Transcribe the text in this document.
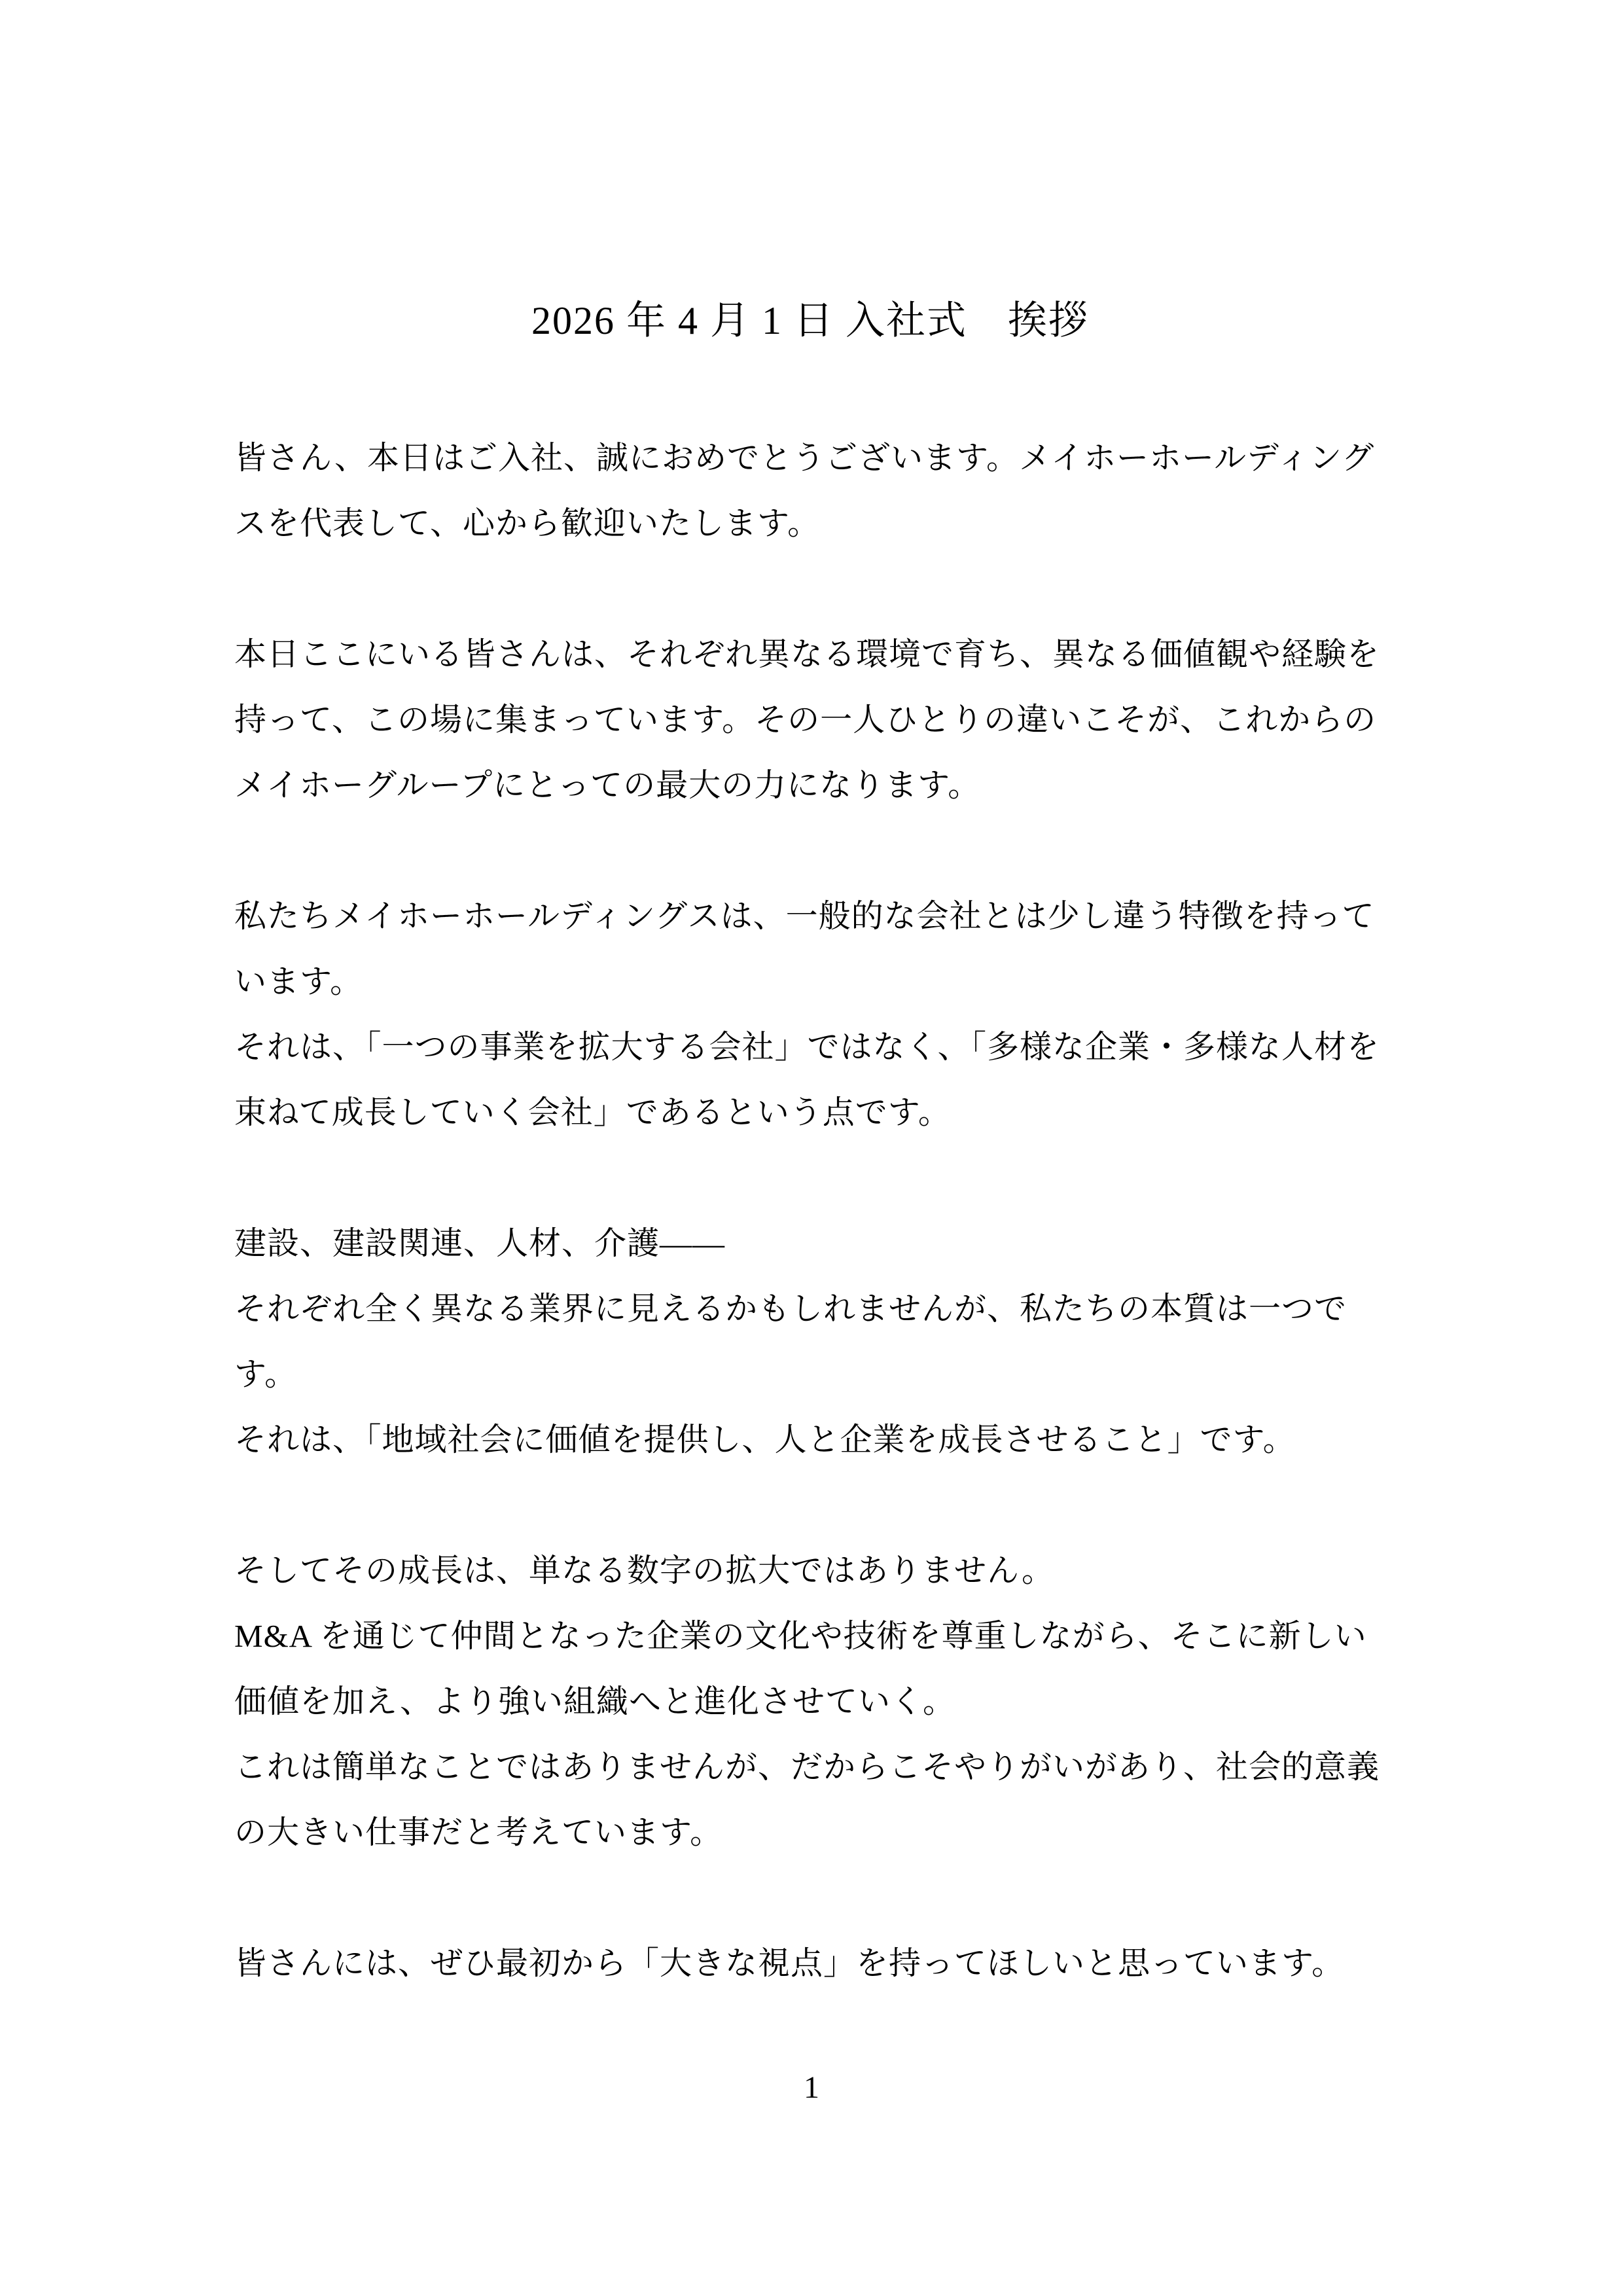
2026 年 4 月 1 日 入社式　挨拶
皆さん、本日はご入社、誠におめでとうございます。メイホーホールディング
スを代表して、心から歓迎いたします。
本日ここにいる皆さんは、それぞれ異なる環境で育ち、異なる価値観や経験を
持って、この場に集まっています。その一人ひとりの違いこそが、これからの
メイホーグループにとっての最大の力になります。
私たちメイホーホールディングスは、一般的な会社とは少し違う特徴を持って
います。
それは、「一つの事業を拡大する会社」ではなく、「多様な企業・多様な人材を
束ねて成長していく会社」であるという点です。
建設、建設関連、人材、介護――
それぞれ全く異なる業界に見えるかもしれませんが、私たちの本質は一つで
す。
それは、「地域社会に価値を提供し、人と企業を成長させること」です。
そしてその成長は、単なる数字の拡大ではありません。
M&A を通じて仲間となった企業の文化や技術を尊重しながら、そこに新しい
価値を加え、より強い組織へと進化させていく。
これは簡単なことではありませんが、だからこそやりがいがあり、社会的意義
の大きい仕事だと考えています。
皆さんには、ぜひ最初から「大きな視点」を持ってほしいと思っています。
1
